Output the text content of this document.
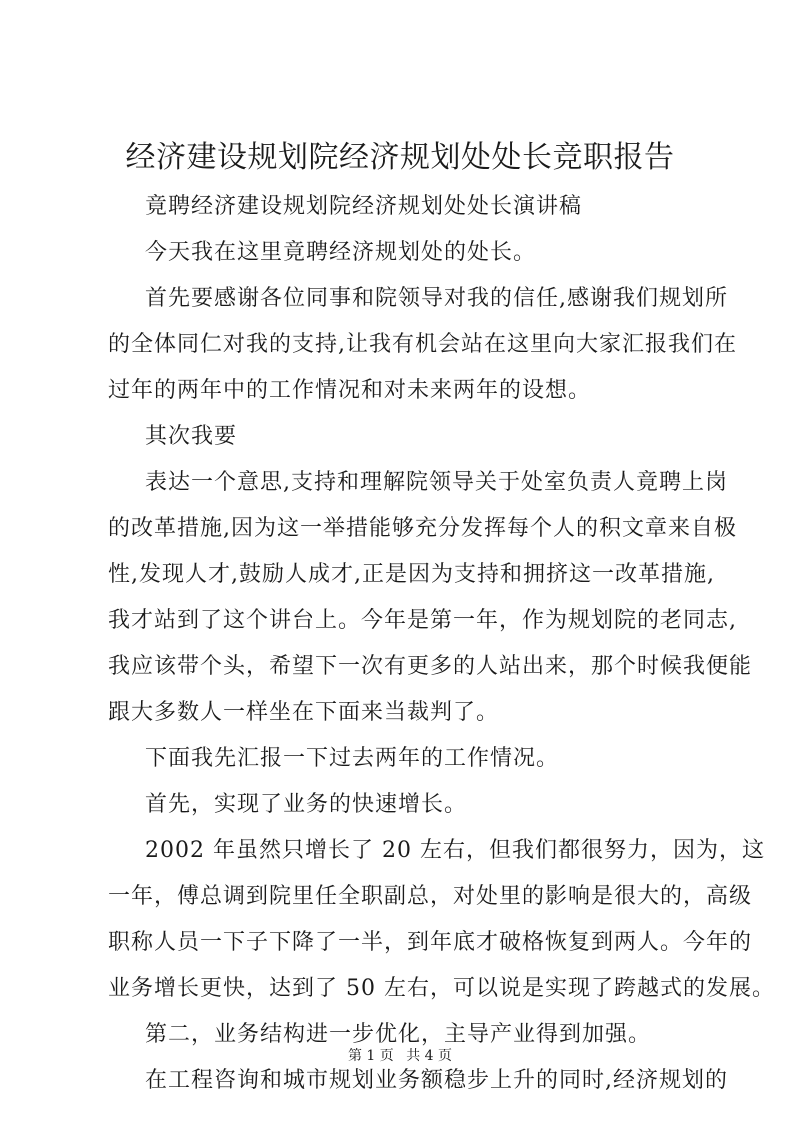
经济建设规划院经济规划处处长竞职报告
竟聘经济建设规划院经济规划处处长演讲稿
今天我在这里竟聘经济规划处的处长。
首先要感谢各位同事和院领导对我的信任,感谢我们规划所
的全体同仁对我的支持,让我有机会站在这里向大家汇报我们在
过年的两年中的工作情况和对未来两年的设想。
其次我要
表达一个意思,支持和理解院领导关于处室负责人竟聘上岗
的改革措施,因为这一举措能够充分发挥每个人的积文章来自极
性,发现人才,鼓励人成才,正是因为支持和拥挤这一改革措施,
我才站到了这个讲台上。今年是第一年，作为规划院的老同志,
我应该带个头，希望下一次有更多的人站出来，那个时候我便能
跟大多数人一样坐在下面来当裁判了。
下面我先汇报一下过去两年的工作情况。
首先，实现了业务的快速增长。
2002 年虽然只增长了 20 左右，但我们都很努力，因为，这
一年，傅总调到院里任全职副总，对处里的影响是很大的，高级
职称人员一下子下降了一半，到年底才破格恢复到两人。今年的
业务增长更快，达到了 50 左右，可以说是实现了跨越式的发展。
第二，业务结构进一步优化，主导产业得到加强。
在工程咨询和城市规划业务额稳步上升的同时,经济规划的
第 1 页 共 4 页
